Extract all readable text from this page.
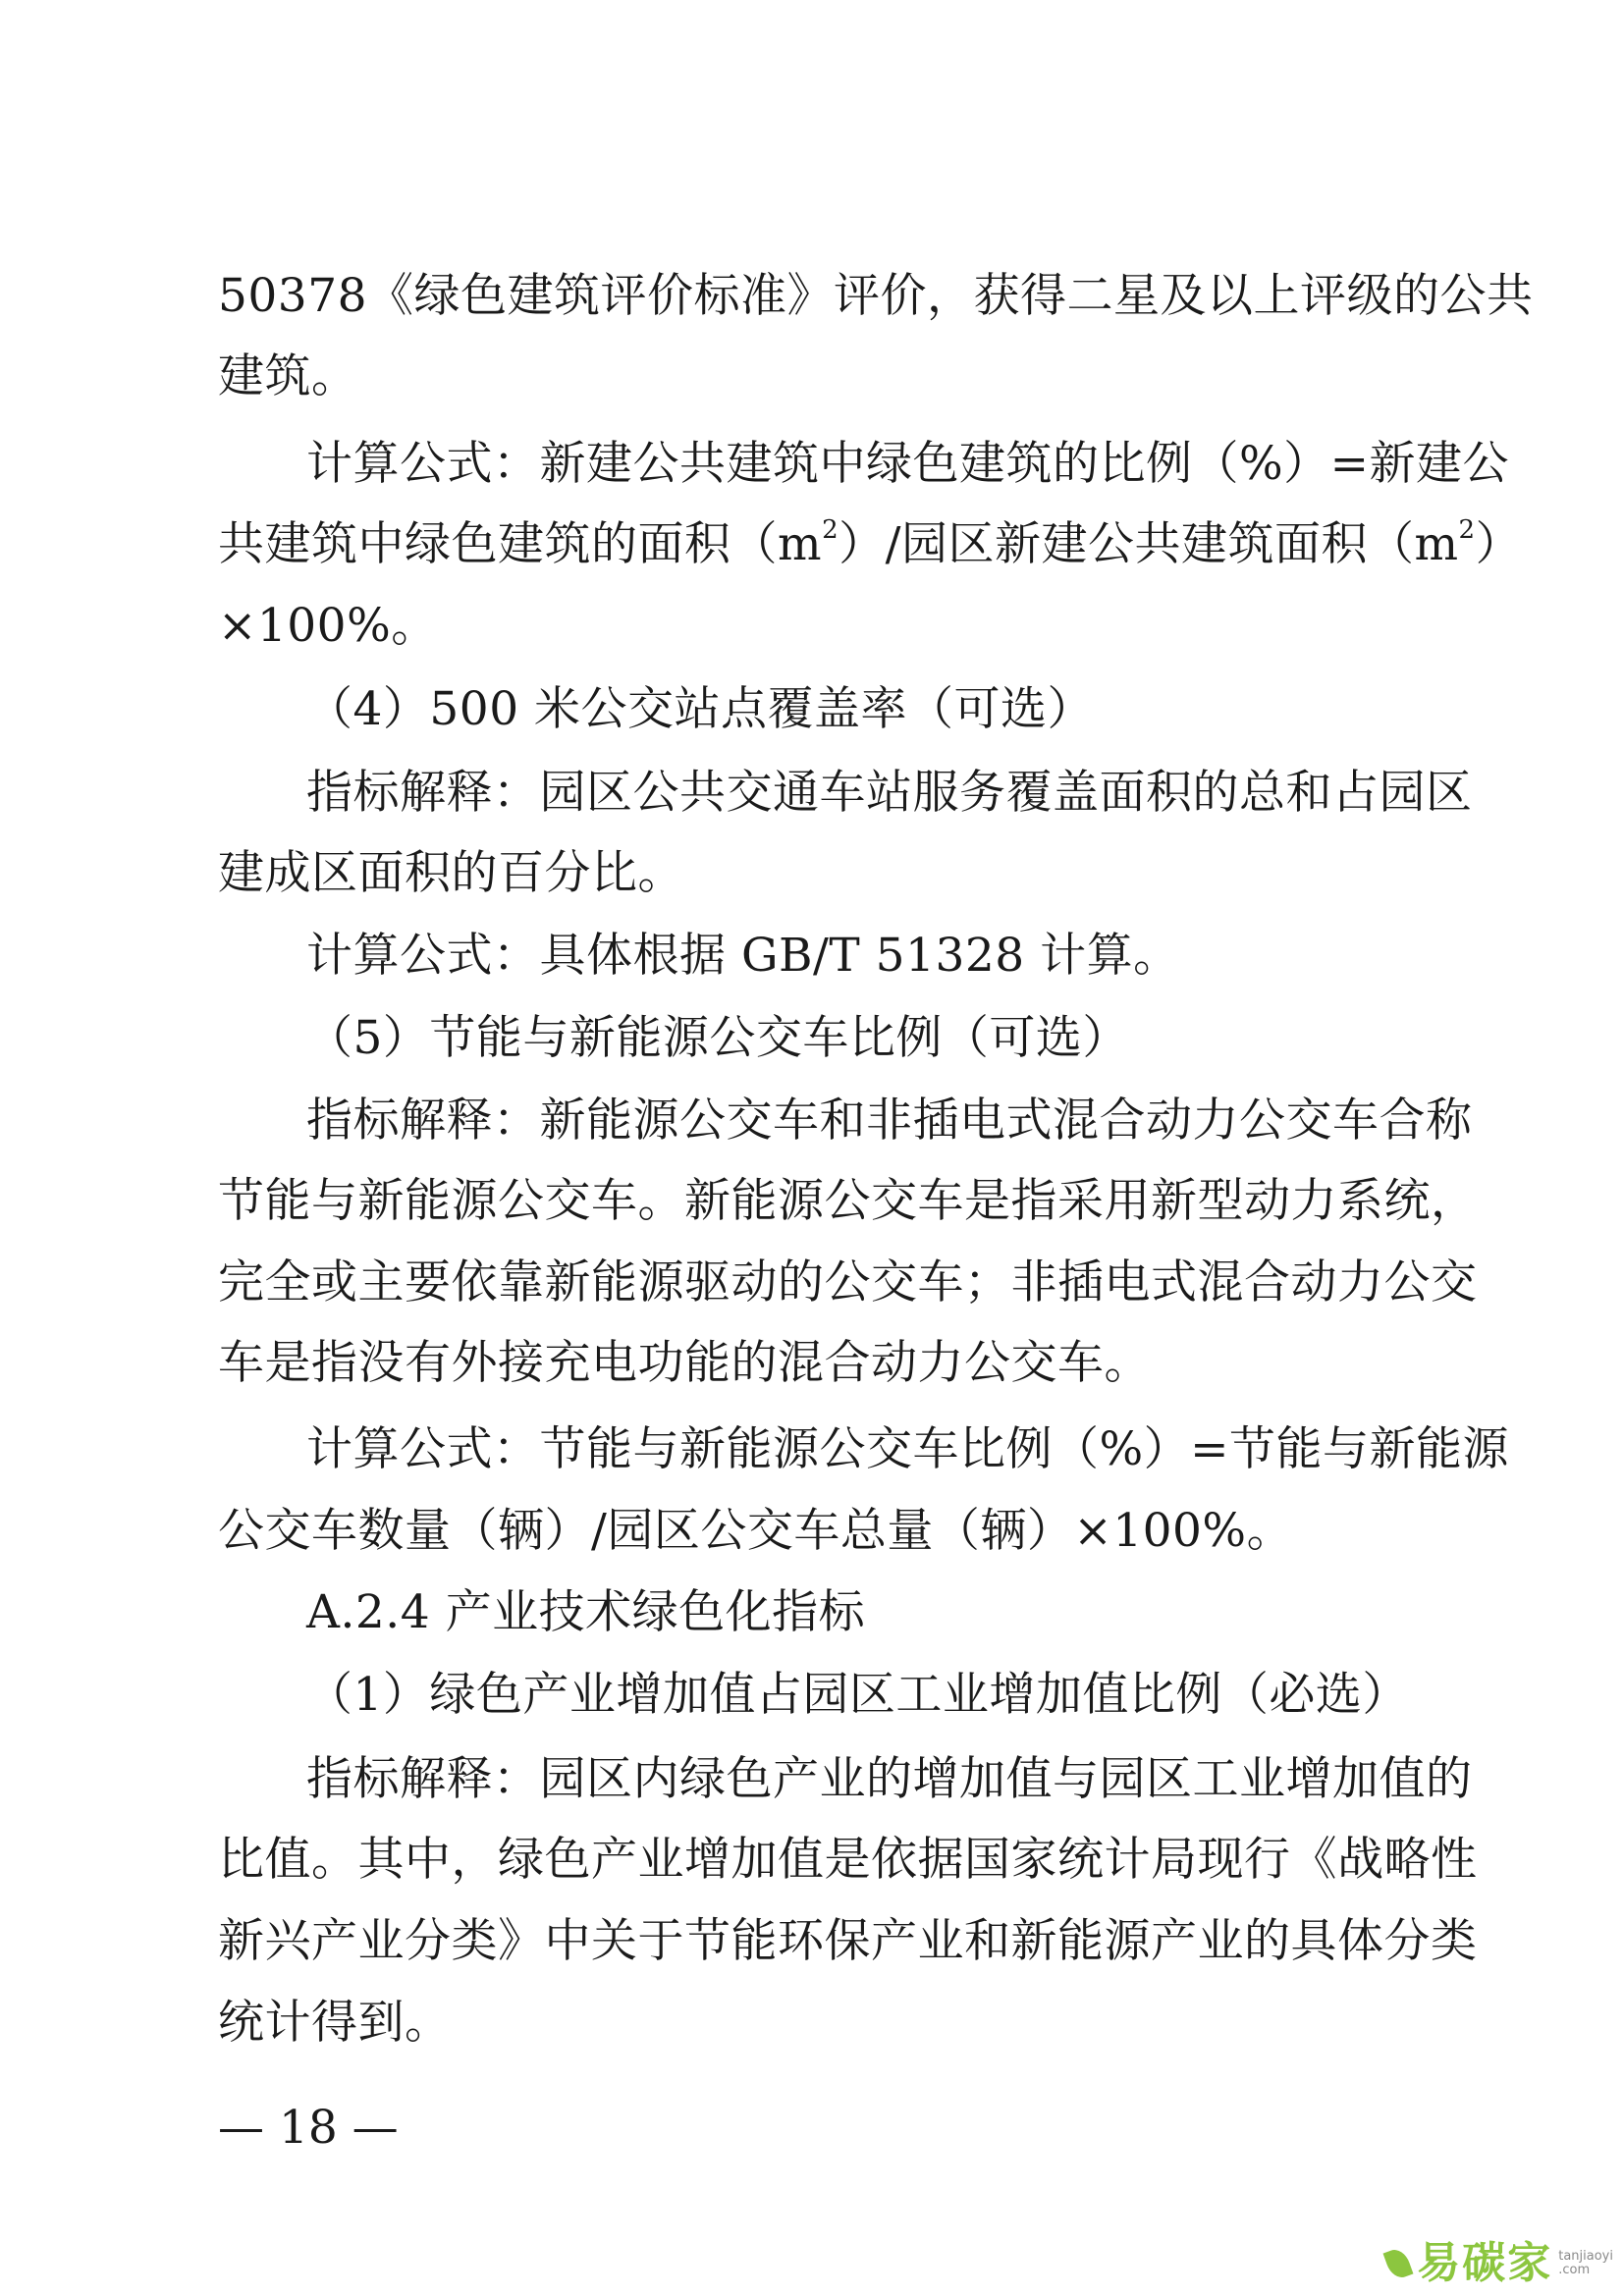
50378《绿色建筑评价标准》评价，获得二星及以上评级的公共
建筑。
计算公式：新建公共建筑中绿色建筑的比例（%）=新建公
共建筑中绿色建筑的面积$(m^2)/$园区新建公共建筑面积$(m^2)$
×100%。
（4）500 米公交站点覆盖率（可选）
指标解释：园区公共交通车站服务覆盖面积的总和占园区
建成区面积的百分比。
计算公式：具体根据 GB/T 51328 计算。
（5）节能与新能源公交车比例（可选）
指标解释：新能源公交车和非插电式混合动力公交车合称
节能与新能源公交车。新能源公交车是指采用新型动力系统，
完全或主要依靠新能源驱动的公交车；非插电式混合动力公交
车是指没有外接充电功能的混合动力公交车。
计算公式：节能与新能源公交车比例（%）=节能与新能源
公交车数量（辆）/园区公交车总量（辆）×100%。
A.2.4 产业技术绿色化指标
（1）绿色产业增加值占园区工业增加值比例（必选）
指标解释：园区内绿色产业的增加值与园区工业增加值的
比值。其中，绿色产业增加值是依据国家统计局现行《战略性
新兴产业分类》中关于节能环保产业和新能源产业的具体分类
统计得到。
— 18 —
易碳家 tanjiaoyi
.com
